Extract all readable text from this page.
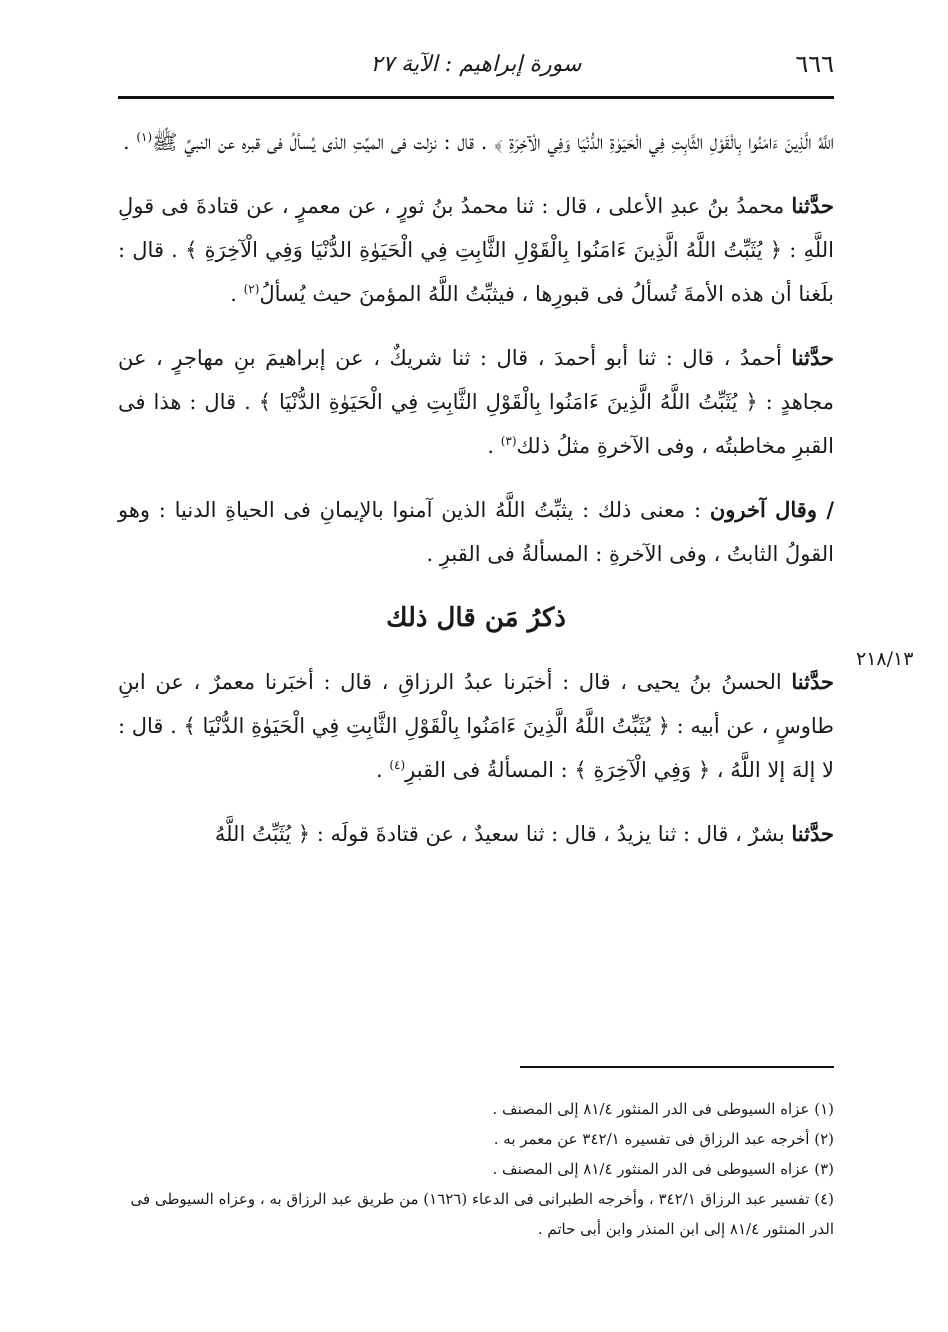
٦٦٦
سورة إبراهيم : الآية ٢٧
٢١٨/١٣

اللَّهُ الَّذِينَ ءَامَنُوا بِالْقَوْلِ الثَّابِتِ فِي الْحَيَوٰةِ الدُّنْيَا وَفِي الْآخِرَةِ ﴾ . قال : نزلت فى الميِّتِ الذى يُسألُ فى قبره عن النبيِّ ﷺ$^{(١)}$ .

حدَّثنا محمدُ بنُ عبدِ الأعلى ، قال : ثنا محمدُ بنُ ثورٍ ، عن معمرٍ ، عن قتادةَ فى قولِ اللَّهِ : ﴿ يُثَبِّتُ اللَّهُ الَّذِينَ ءَامَنُوا بِالْقَوْلِ الثَّابِتِ فِي الْحَيَوٰةِ الدُّنْيَا وَفِي الْآخِرَةِ ﴾ . قال : بلَغنا أن هذه الأمةَ تُسألُ فى قبورِها ، فيثبِّتُ اللَّهُ المؤمنَ حيث يُسألُ$^{(٢)}$ .

حدَّثنا أحمدُ ، قال : ثنا أبو أحمدَ ، قال : ثنا شريكٌ ، عن إبراهيمَ بنِ مهاجرٍ ، عن مجاهدٍ : ﴿ يُثَبِّتُ اللَّهُ الَّذِينَ ءَامَنُوا بِالْقَوْلِ الثَّابِتِ فِي الْحَيَوٰةِ الدُّنْيَا ﴾ . قال : هذا فى القبرِ مخاطبتُه ، وفى الآخرةِ مثلُ ذلك$^{(٣)}$ .

/ وقال آخرون : معنى ذلك : يثبِّتُ اللَّهُ الذين آمنوا بالإيمانِ فى الحياةِ الدنيا : وهو القولُ الثابتُ ، وفى الآخرةِ : المسألةُ فى القبرِ .

ذكرُ مَن قال ذلك

حدَّثنا الحسنُ بنُ يحيى ، قال : أخبَرنا عبدُ الرزاقِ ، قال : أخبَرنا معمرٌ ، عن ابنِ طاوسٍ ، عن أبيه : ﴿ يُثَبِّتُ اللَّهُ الَّذِينَ ءَامَنُوا بِالْقَوْلِ الثَّابِتِ فِي الْحَيَوٰةِ الدُّنْيَا ﴾ . قال : لا إلهَ إلا اللَّهُ ، ﴿ وَفِي الْآخِرَةِ ﴾ : المسألةُ فى القبرِ$^{(٤)}$ .

حدَّثنا بشرٌ ، قال : ثنا يزيدُ ، قال : ثنا سعيدٌ ، عن قتادةَ قولَه : ﴿ يُثَبِّتُ اللَّهُ

(١) عزاه السيوطى فى الدر المنثور ٨١/٤ إلى المصنف .

(٢) أخرجه عبد الرزاق فى تفسيره ٣٤٢/١ عن معمر به .

(٣) عزاه السيوطى فى الدر المنثور ٨١/٤ إلى المصنف .

(٤) تفسير عبد الرزاق ٣٤٢/١ ، وأخرجه الطبرانى فى الدعاء (١٦٢٦) من طريق عبد الرزاق به ، وعزاه السيوطى فى الدر المنثور ٨١/٤ إلى ابن المنذر وابن أبى حاتم .
